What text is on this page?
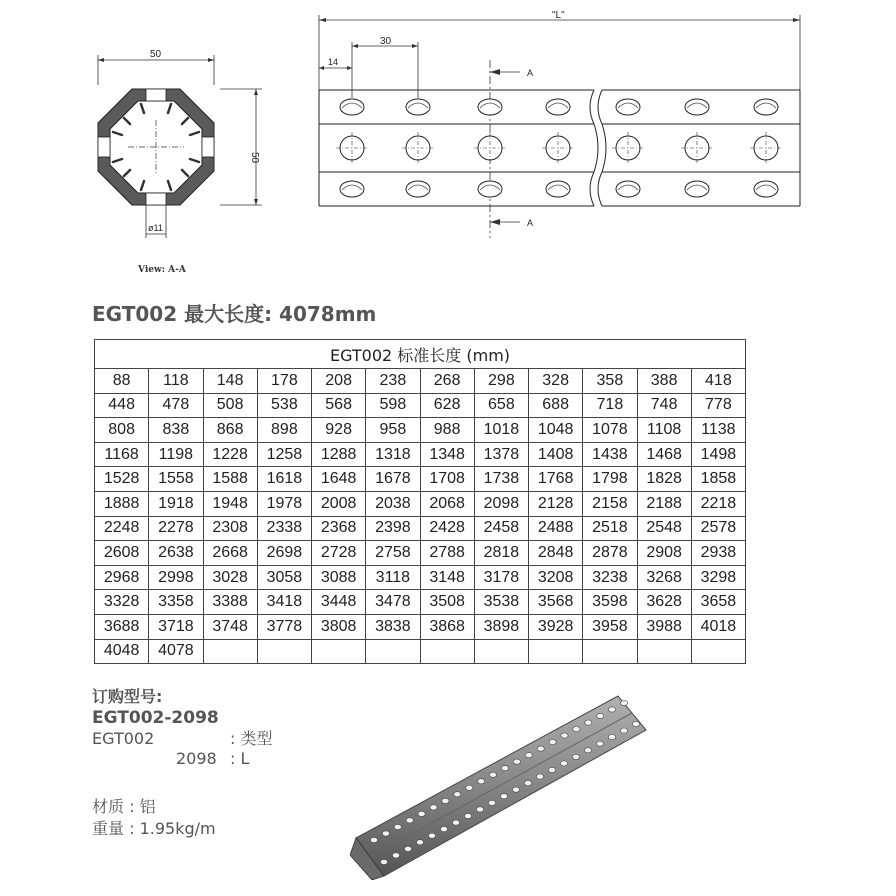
50
50
ø11
"L"
30
14
A
A
View: A-A
EGT002 最大长度: 4078mm
EGT002 标准长度 (mm)											
88	118	148	178	208	238	268	298	328	358	388	418
448	478	508	538	568	598	628	658	688	718	748	778
808	838	868	898	928	958	988	1018	1048	1078	1108	1138
1168	1198	1228	1258	1288	1318	1348	1378	1408	1438	1468	1498
1528	1558	1588	1618	1648	1678	1708	1738	1768	1798	1828	1858
1888	1918	1948	1978	2008	2038	2068	2098	2128	2158	2188	2218
2248	2278	2308	2338	2368	2398	2428	2458	2488	2518	2548	2578
2608	2638	2668	2698	2728	2758	2788	2818	2848	2878	2908	2938
2968	2998	3028	3058	3088	3118	3148	3178	3208	3238	3268	3298
3328	3358	3388	3418	3448	3478	3508	3538	3568	3598	3628	3658
3688	3718	3748	3778	3808	3838	3868	3898	3928	3958	3988	4018
4048	4078										

订购型号:

EGT002-2098

EGT002	: 类型
2098 : L
材质 : 铝
重量 : 1.95kg/m
